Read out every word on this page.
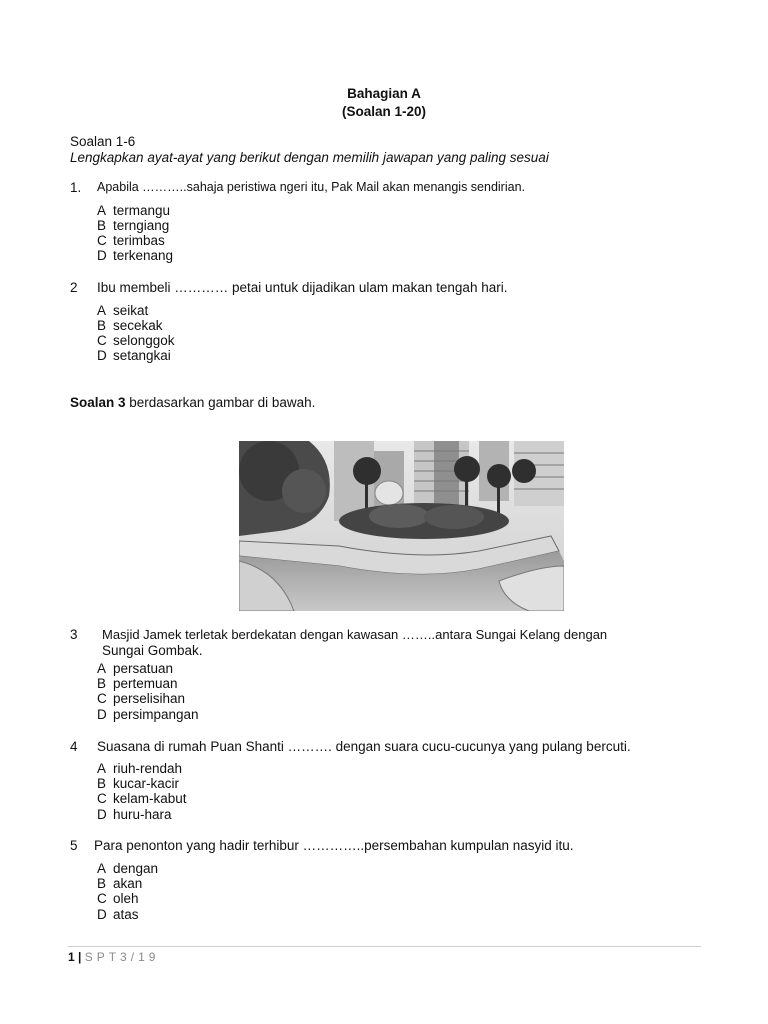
Bahagian A
(Soalan 1-20)
Soalan 1-6
Lengkapkan ayat-ayat yang berikut dengan memilih jawapan yang paling sesuai
1. Apabila ………..sahaja peristiwa ngeri itu, Pak Mail akan menangis sendirian.
A termangu
B terngiang
C terimbas
D terkenang
2 Ibu membeli ………… petai untuk dijadikan ulam makan tengah hari.
A seikat
B secekak
C selonggok
D setangkai
Soalan 3 berdasarkan gambar di bawah.
3 Masjid Jamek terletak berdekatan dengan kawasan ……..antara Sungai Kelang dengan
Sungai Gombak.
A persatuan
B pertemuan
C perselisihan
D persimpangan
4 Suasana di rumah Puan Shanti ………. dengan suara cucu-cucunya yang pulang bercuti.
A riuh-rendah
B kucar-kacir
C kelam-kabut
D huru-hara
5 Para penonton yang hadir terhibur …………..persembahan kumpulan nasyid itu.
A dengan
B akan
C oleh
D atas
1 | SPT3/19
